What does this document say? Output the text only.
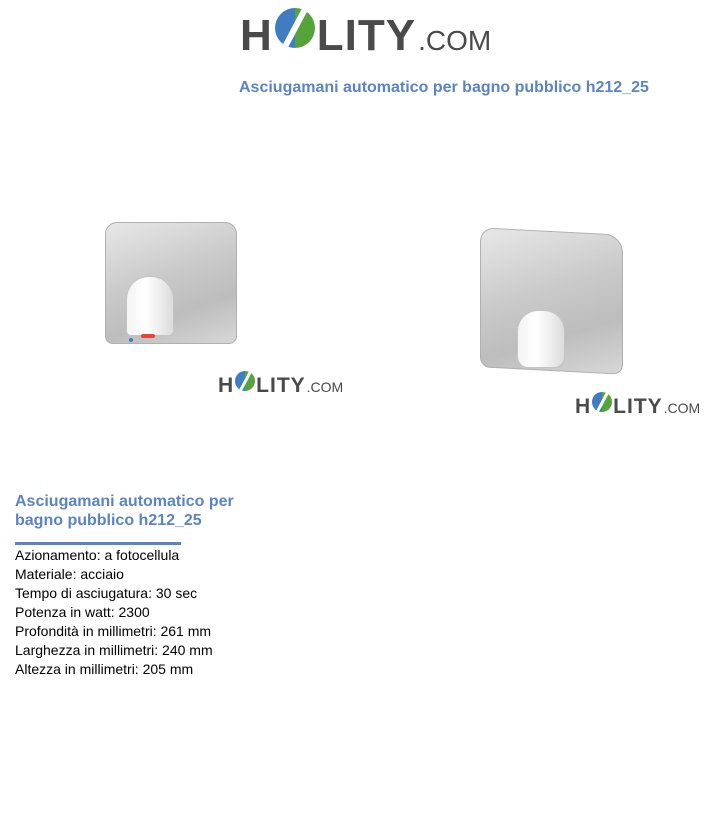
H LITY .COM
Asciugamani automatico per bagno pubblico h212_25
H LITY .COM
H LITY .COM
Asciugamani automatico per
bagno pubblico h212_25
Azionamento: a fotocellula
Materiale: acciaio
Tempo di asciugatura: 30 sec
Potenza in watt: 2300
Profondità in millimetri: 261 mm
Larghezza in millimetri: 240 mm
Altezza in millimetri: 205 mm
